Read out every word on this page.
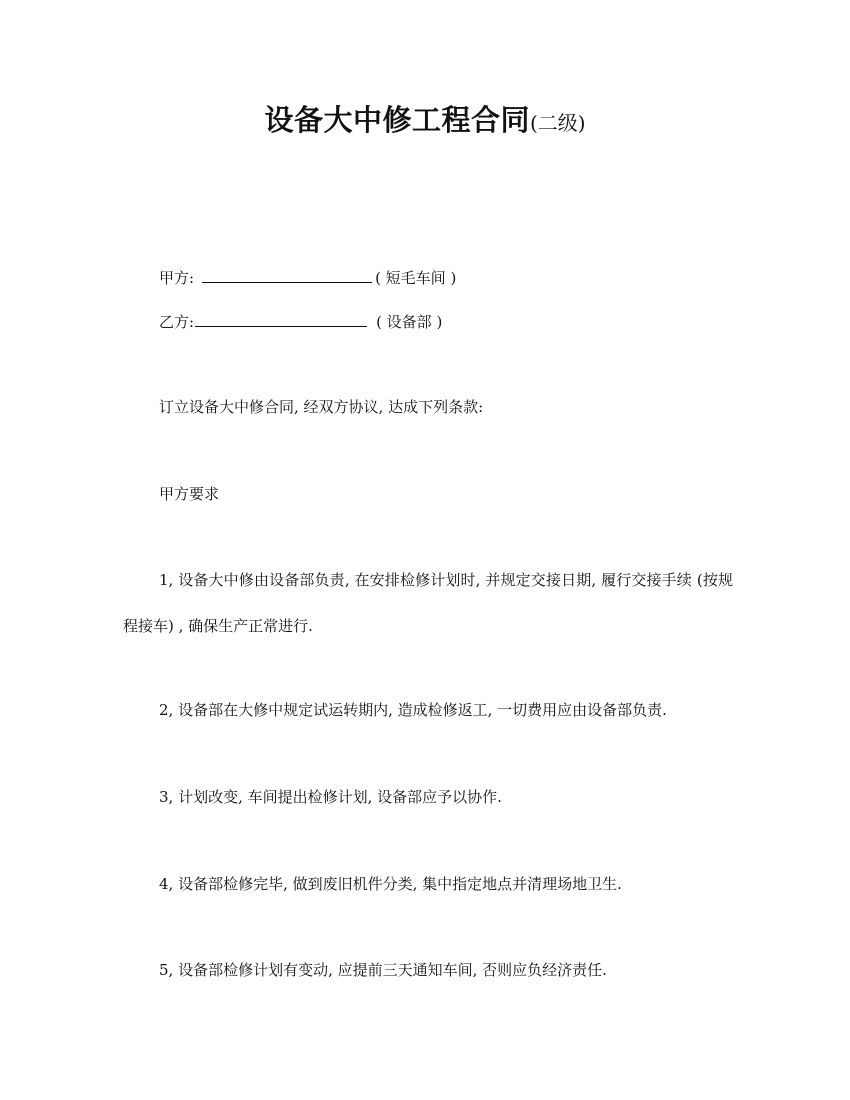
设备大中修工程合同(二级)
甲方:	( 短毛车间 )
乙方:	( 设备部 )
订立设备大中修合同, 经双方协议, 达成下列条款:
甲方要求
1, 设备大中修由设备部负责, 在安排检修计划时, 并规定交接日期, 履行交接手续 (按规程接车) , 确保生产正常进行.
2, 设备部在大修中规定试运转期内, 造成检修返工, 一切费用应由设备部负责.
3, 计划改变, 车间提出检修计划, 设备部应予以协作.
4, 设备部检修完毕, 做到废旧机件分类, 集中指定地点并清理场地卫生.
5, 设备部检修计划有变动, 应提前三天通知车间, 否则应负经济责任.
